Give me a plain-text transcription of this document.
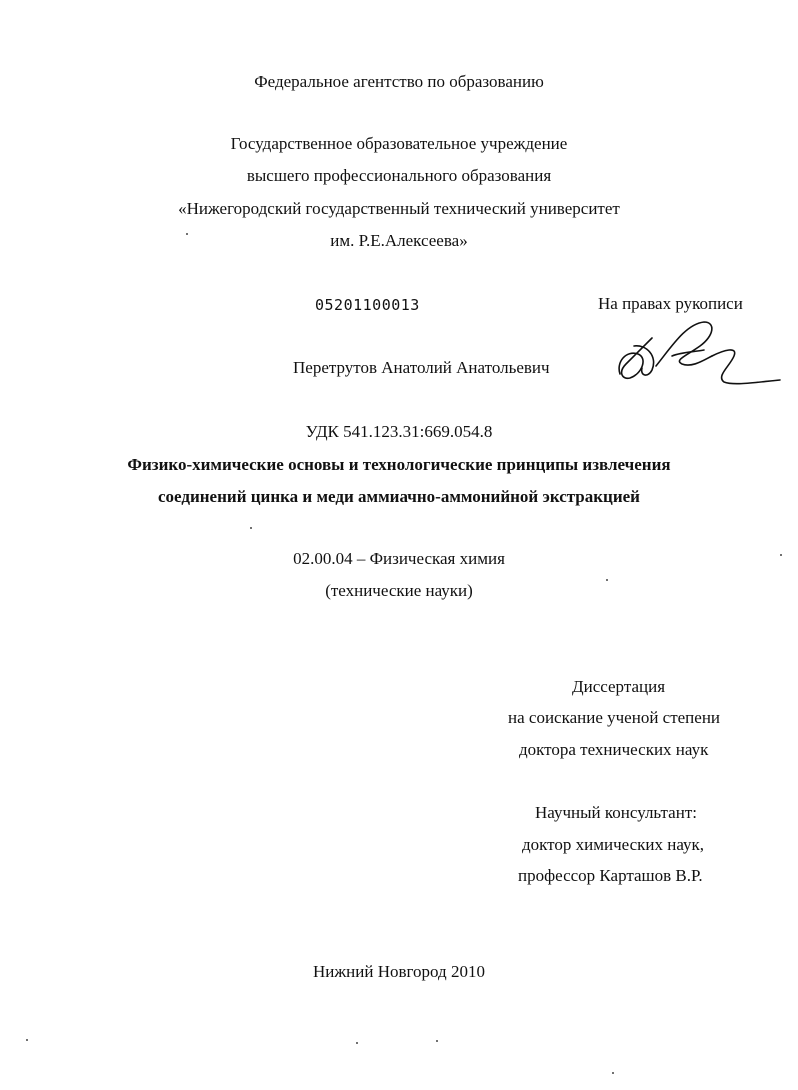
Федеральное агентство по образованию
Государственное образовательное учреждение
высшего профессионального образования
«Нижегородский государственный технический университет
им. Р.Е.Алексеева»
05201100013	На правах рукописи
Перетрутов Анатолий Анатольевич
УДК 541.123.31:669.054.8
Физико-химические основы и технологические принципы извлечения
соединений цинка и меди аммиачно-аммонийной экстракцией
02.00.04 – Физическая химия
(технические науки)
Диссертация
на соискание ученой степени
доктора технических наук
Научный консультант:
доктор химических наук,
профессор Карташов В.Р.
Нижний Новгород 2010
